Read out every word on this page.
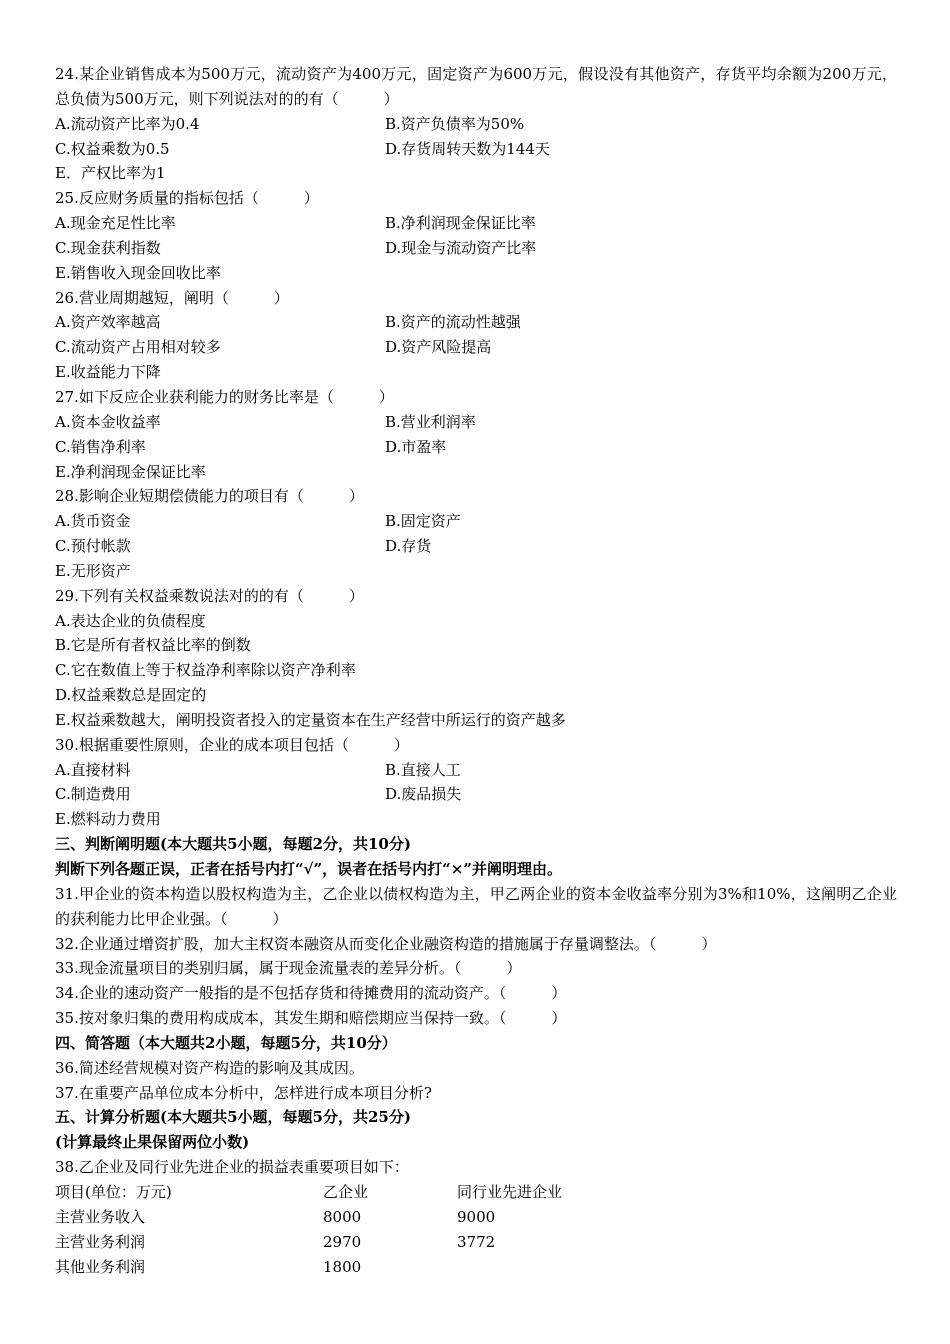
24.某企业销售成本为500万元，流动资产为400万元，固定资产为600万元，假设没有其他资产，存货平均余额为200万元，总负债为500万元，则下列说法对的的有（　　　）
A.流动资产比率为0.4	B.资产负债率为50%
C.权益乘数为0.5	D.存货周转天数为144天
E．产权比率为1
25.反应财务质量的指标包括（　　　）
A.现金充足性比率	B.净利润现金保证比率
C.现金获利指数	D.现金与流动资产比率
E.销售收入现金回收比率
26.营业周期越短，阐明（　　　）
A.资产效率越高	B.资产的流动性越强
C.流动资产占用相对较多	D.资产风险提高
E.收益能力下降
27.如下反应企业获利能力的财务比率是（　　　）
A.资本金收益率	B.营业利润率
C.销售净利率	D.市盈率
E.净利润现金保证比率
28.影响企业短期偿债能力的项目有（　　　）
A.货币资金	B.固定资产
C.预付帐款	D.存货
E.无形资产
29.下列有关权益乘数说法对的的有（　　　）
A.表达企业的负债程度
B.它是所有者权益比率的倒数
C.它在数值上等于权益净利率除以资产净利率
D.权益乘数总是固定的
E.权益乘数越大，阐明投资者投入的定量资本在生产经营中所运行的资产越多
30.根据重要性原则，企业的成本项目包括（　　　）
A.直接材料	B.直接人工
C.制造费用	D.废品损失
E.燃料动力费用
三、判断阐明题(本大题共5小题，每题2分，共10分)
判断下列各题正误，正者在括号内打“√”，误者在括号内打“×”并阐明理由。
31.甲企业的资本构造以股权构造为主，乙企业以债权构造为主，甲乙两企业的资本金收益率分别为3%和10%，这阐明乙企业的获利能力比甲企业强。（　　　）
32.企业通过增资扩股，加大主权资本融资从而变化企业融资构造的措施属于存量调整法。（　　　）
33.现金流量项目的类别归属，属于现金流量表的差异分析。（　　　）
34.企业的速动资产一般指的是不包括存货和待摊费用的流动资产。（　　　）
35.按对象归集的费用构成成本，其发生期和赔偿期应当保持一致。（　　　）
四、简答题（本大题共2小题，每题5分，共10分）
36.简述经营规模对资产构造的影响及其成因。
37.在重要产品单位成本分析中，怎样进行成本项目分析?
五、计算分析题(本大题共5小题，每题5分，共25分)
(计算最终止果保留两位小数)
38.乙企业及同行业先进企业的损益表重要项目如下：
项目(单位：万元)	乙企业	同行业先进企业
主营业务收入	8000	9000
主营业务利润	2970	3772
其他业务利润	1800
